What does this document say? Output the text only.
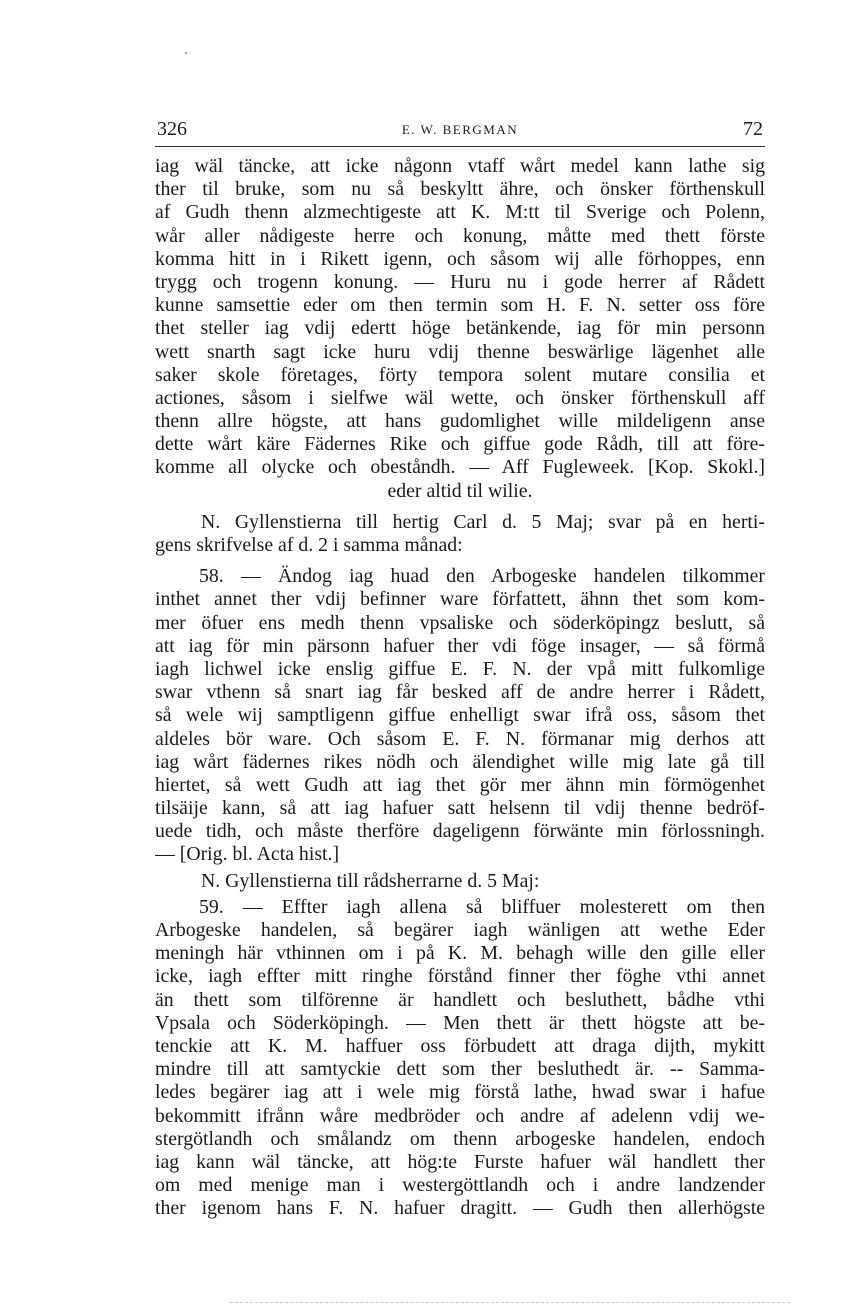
326	E. W. BERGMAN	72
iag wäl täncke, att icke någonn vtaff wårt medel kann lathe sig
ther til bruke, som nu så beskyltt ähre, och önsker förthenskull
af Gudh thenn alzmechtigeste att K. M:tt til Sverige och Polenn,
wår aller nådigeste herre och konung, måtte med thett förste
komma hitt in i Rikett igenn, och såsom wij alle förhoppes, enn
trygg och trogenn konung. — Huru nu i gode herrer af Rådett
kunne samsettie eder om then termin som H. F. N. setter oss före
thet steller iag vdij edertt höge betänkende, iag för min personn
wett snarth sagt icke huru vdij thenne beswärlige lägenhet alle
saker skole företages, förty tempora solent mutare consilia et
actiones, såsom i sielfwe wäl wette, och önsker förthenskull aff
thenn allre högste, att hans gudomlighet wille mildeligenn anse
dette wårt käre Fädernes Rike och giffue gode Rådh, till att före-
komme all olycke och obeståndh. — Aff Fugleweek. [Kop. Skokl.]
eder altid til wilie.
N. Gyllenstierna till hertig Carl d. 5 Maj; svar på en herti-
gens skrifvelse af d. 2 i samma månad:
58. — Ändog iag huad den Arbogeske handelen tilkommer
inthet annet ther vdij befinner ware författett, ähnn thet som kom-
mer öfuer ens medh thenn vpsaliske och söderköpingz beslutt, så
att iag för min pärsonn hafuer ther vdi föge insager, — så förmå
iagh lichwel icke enslig giffue E. F. N. der vpå mitt fulkomlige
swar vthenn så snart iag får besked aff de andre herrer i Rådett,
så wele wij samptligenn giffue enhelligt swar ifrå oss, såsom thet
aldeles bör ware. Och såsom E. F. N. förmanar mig derhos att
iag wårt fädernes rikes nödh och älendighet wille mig late gå till
hiertet, så wett Gudh att iag thet gör mer ähnn min förmögenhet
tilsäije kann, så att iag hafuer satt helsenn til vdij thenne bedröf-
uede tidh, och måste therföre dageligenn förwänte min förlossningh.
— [Orig. bl. Acta hist.]
N. Gyllenstierna till rådsherrarne d. 5 Maj:
59. — Effter iagh allena så bliffuer molesterett om then
Arbogeske handelen, så begärer iagh wänligen att wethe Eder
meningh här vthinnen om i på K. M. behagh wille den gille eller
icke, iagh effter mitt ringhe förstånd finner ther föghe vthi annet
än thett som tilförenne är handlett och besluthett, bådhe vthi
Vpsala och Söderköpingh. — Men thett är thett högste att be-
tenckie att K. M. haffuer oss förbudett att draga dijth, mykitt
mindre till att samtyckie dett som ther besluthedt är. -- Samma-
ledes begärer iag att i wele mig förstå lathe, hwad swar i hafue
bekommitt ifrånn wåre medbröder och andre af adelenn vdij we-
stergötlandh och smålandz om thenn arbogeske handelen, endoch
iag kann wäl täncke, att hög:te Furste hafuer wäl handlett ther
om med menige man i westergöttlandh och i andre landzender
ther igenom hans F. N. hafuer dragitt. — Gudh then allerhögste
